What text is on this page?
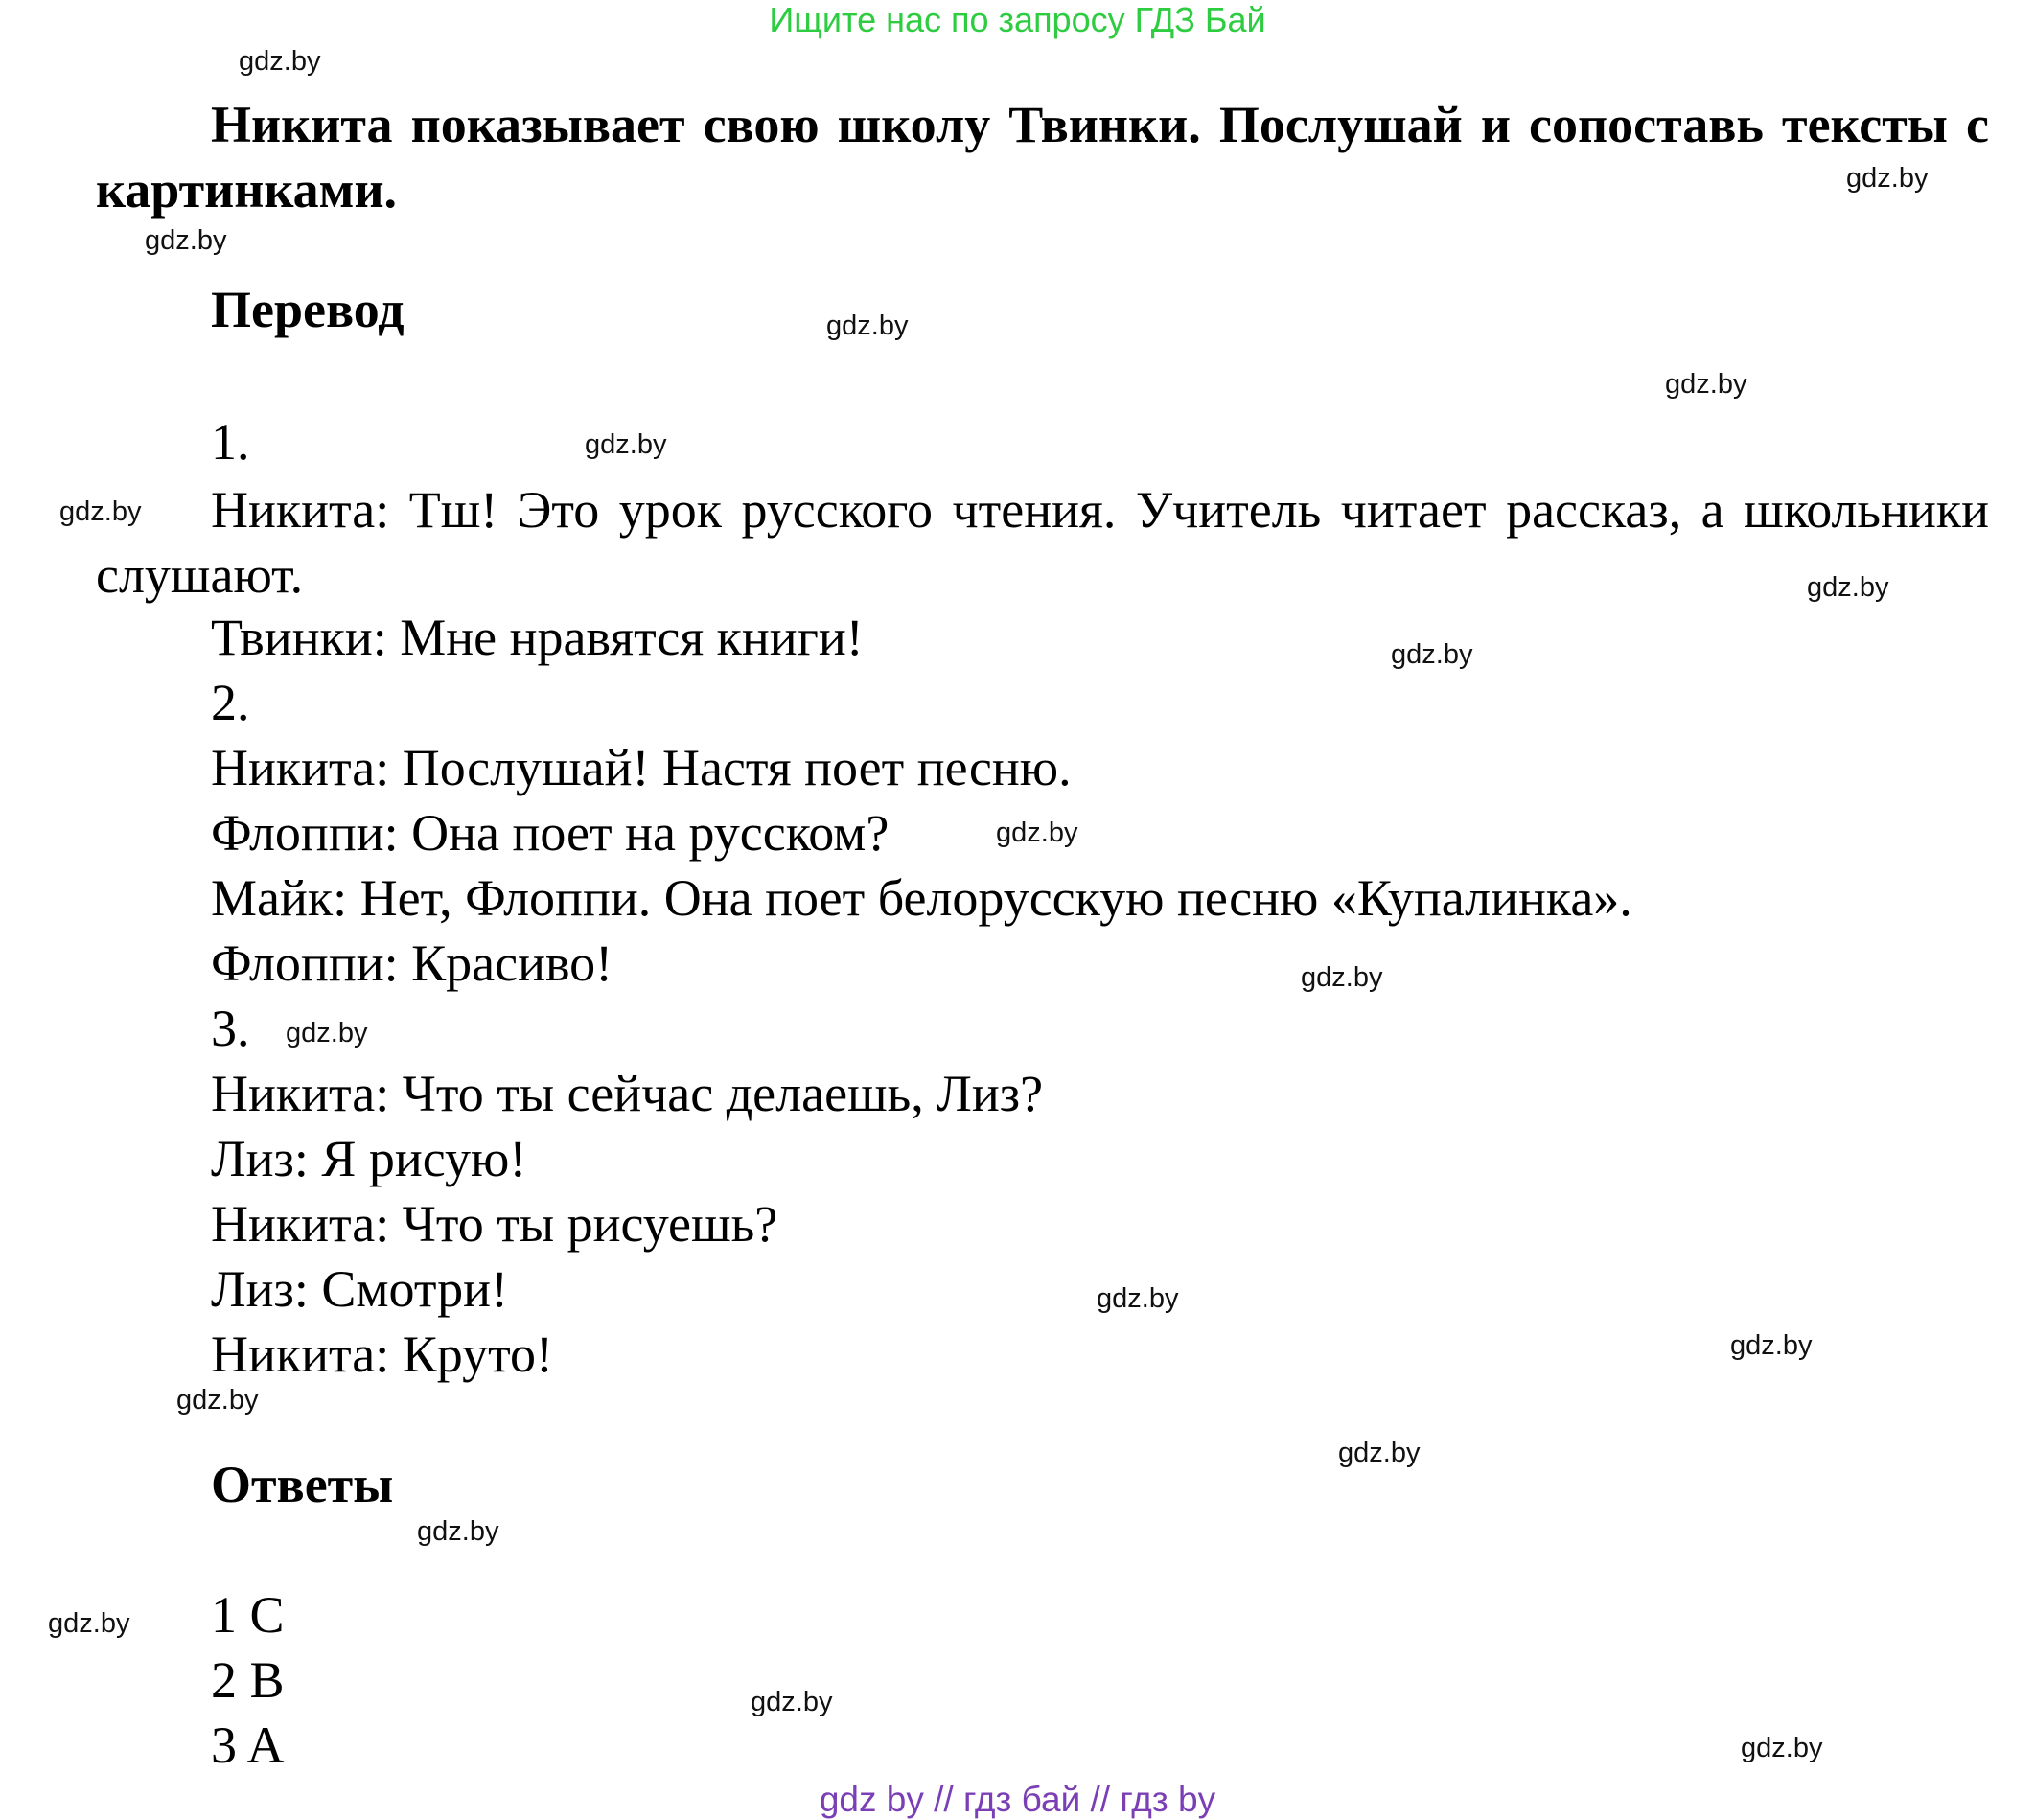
Ищите нас по запросу ГДЗ Бай
Никита показывает свою школу Твинки. Послушай и сопоставь тексты с картинками.
Перевод
1.
Никита: Тш! Это урок русского чтения. Учитель читает рассказ, а школьники слушают.
Твинки: Мне нравятся книги!
2.
Никита: Послушай! Настя поет песню.
Флоппи: Она поет на русском?
Майк: Нет, Флоппи. Она поет белорусскую песню «Купалинка».
Флоппи: Красиво!
3.
Никита: Что ты сейчас делаешь, Лиз?
Лиз: Я рисую!
Никита: Что ты рисуешь?
Лиз: Смотри!
Никита: Круто!
Ответы
1 C
2 B
3 A
gdz.by
gdz.by
gdz.by
gdz.by
gdz.by
gdz.by
gdz.by
gdz.by
gdz.by
gdz.by
gdz.by
gdz.by
gdz.by
gdz.by
gdz.by
gdz.by
gdz.by
gdz.by
gdz.by
gdz.by
gdz by // гдз бай // гдз by
